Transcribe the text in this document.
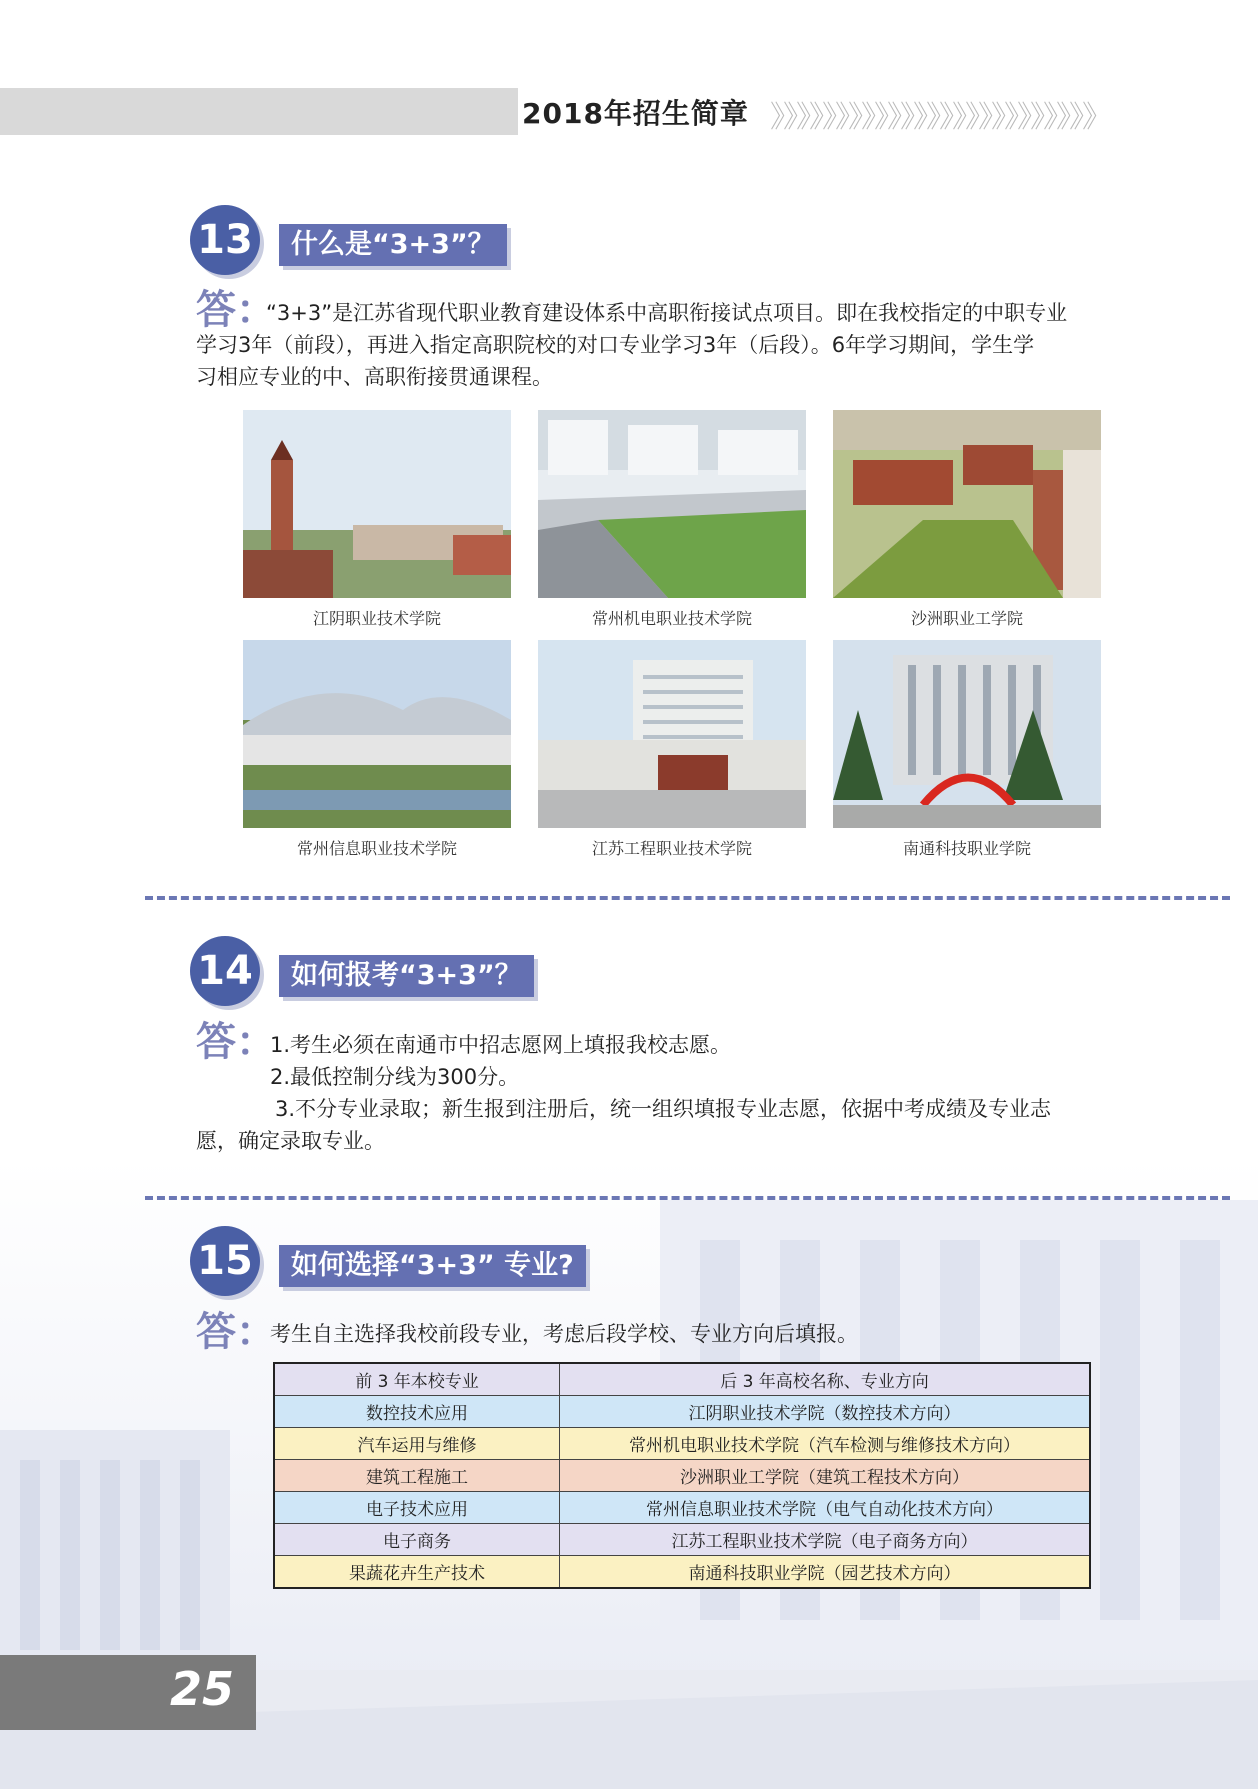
2018年招生简章 》》》》》》》》》》》》》》》》》》》》》》》》》
13	什么是“3+3”？
答：
“3+3”是江苏省现代职业教育建设体系中高职衔接试点项目。即在我校指定的中职专业
学习3年（前段），再进入指定高职院校的对口专业学习3年（后段）。6年学习期间，学生学
习相应专业的中、高职衔接贯通课程。
江阴职业技术学院	常州机电职业技术学院	沙洲职业工学院
常州信息职业技术学院	江苏工程职业技术学院	南通科技职业学院
14	如何报考“3+3”？
答：
1.考生必须在南通市中招志愿网上填报我校志愿。
2.最低控制分线为300分。
3.不分专业录取；新生报到注册后，统一组织填报专业志愿，依据中考成绩及专业志
愿，确定录取专业。
15	如何选择“3+3” 专业?
答：
考生自主选择我校前段专业，考虑后段学校、专业方向后填报。
前 3 年本校专业	后 3 年高校名称、专业方向
数控技术应用	江阴职业技术学院（数控技术方向）
汽车运用与维修	常州机电职业技术学院（汽车检测与维修技术方向）
建筑工程施工	沙洲职业工学院（建筑工程技术方向）
电子技术应用	常州信息职业技术学院（电气自动化技术方向）
电子商务	江苏工程职业技术学院（电子商务方向）
果蔬花卉生产技术	南通科技职业学院（园艺技术方向）
25
